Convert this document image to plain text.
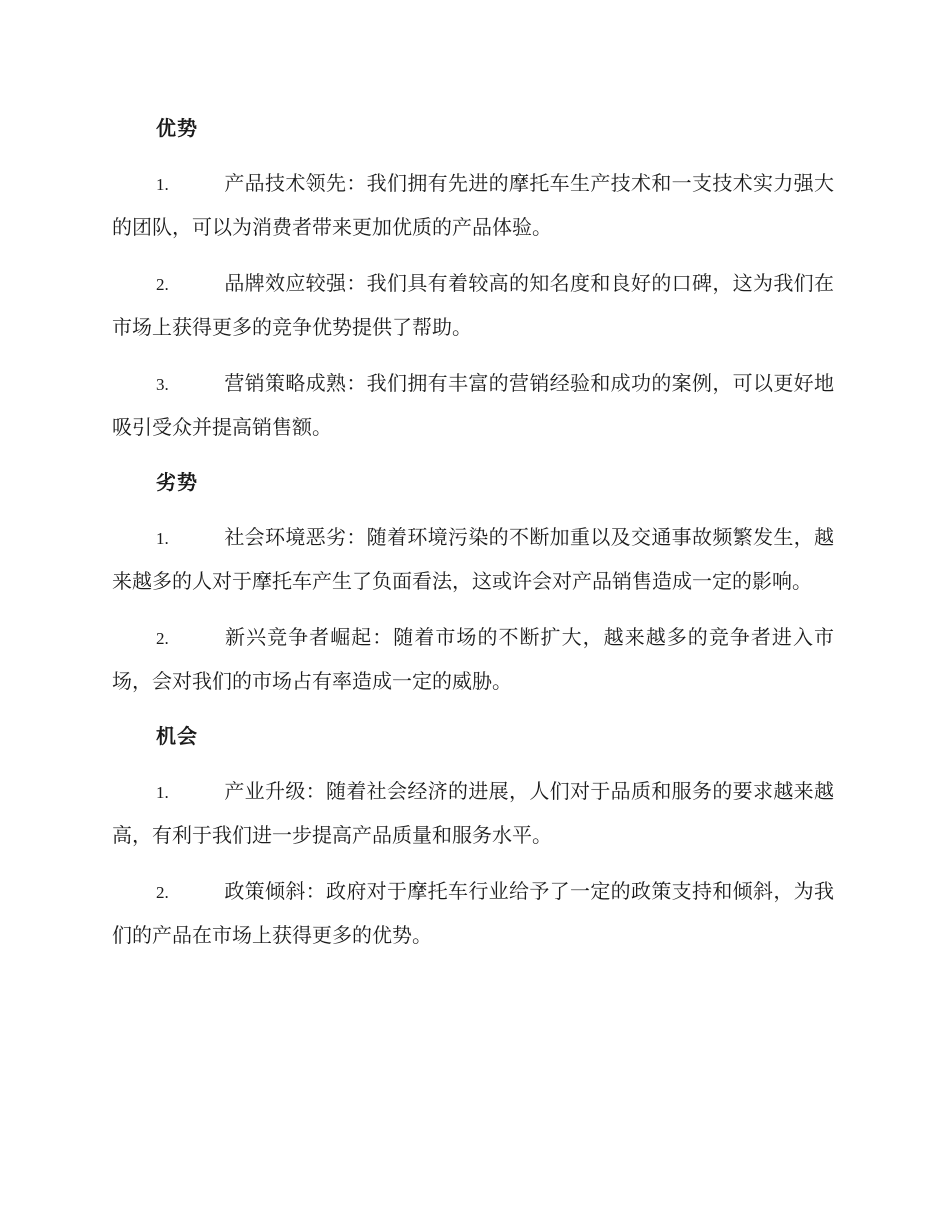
优势

1.	产品技术领先：我们拥有先进的摩托车生产技术和一支技术实力强大的团队，可以为消费者带来更加优质的产品体验。

2.	品牌效应较强：我们具有着较高的知名度和良好的口碑，这为我们在市场上获得更多的竞争优势提供了帮助。

3.	营销策略成熟：我们拥有丰富的营销经验和成功的案例，可以更好地吸引受众并提高销售额。

劣势

1.	社会环境恶劣：随着环境污染的不断加重以及交通事故频繁发生，越来越多的人对于摩托车产生了负面看法，这或许会对产品销售造成一定的影响。

2.	新兴竞争者崛起：随着市场的不断扩大，越来越多的竞争者进入市场，会对我们的市场占有率造成一定的威胁。

机会

1.	产业升级：随着社会经济的进展，人们对于品质和服务的要求越来越高，有利于我们进一步提高产品质量和服务水平。

2.	政策倾斜：政府对于摩托车行业给予了一定的政策支持和倾斜，为我们的产品在市场上获得更多的优势。
